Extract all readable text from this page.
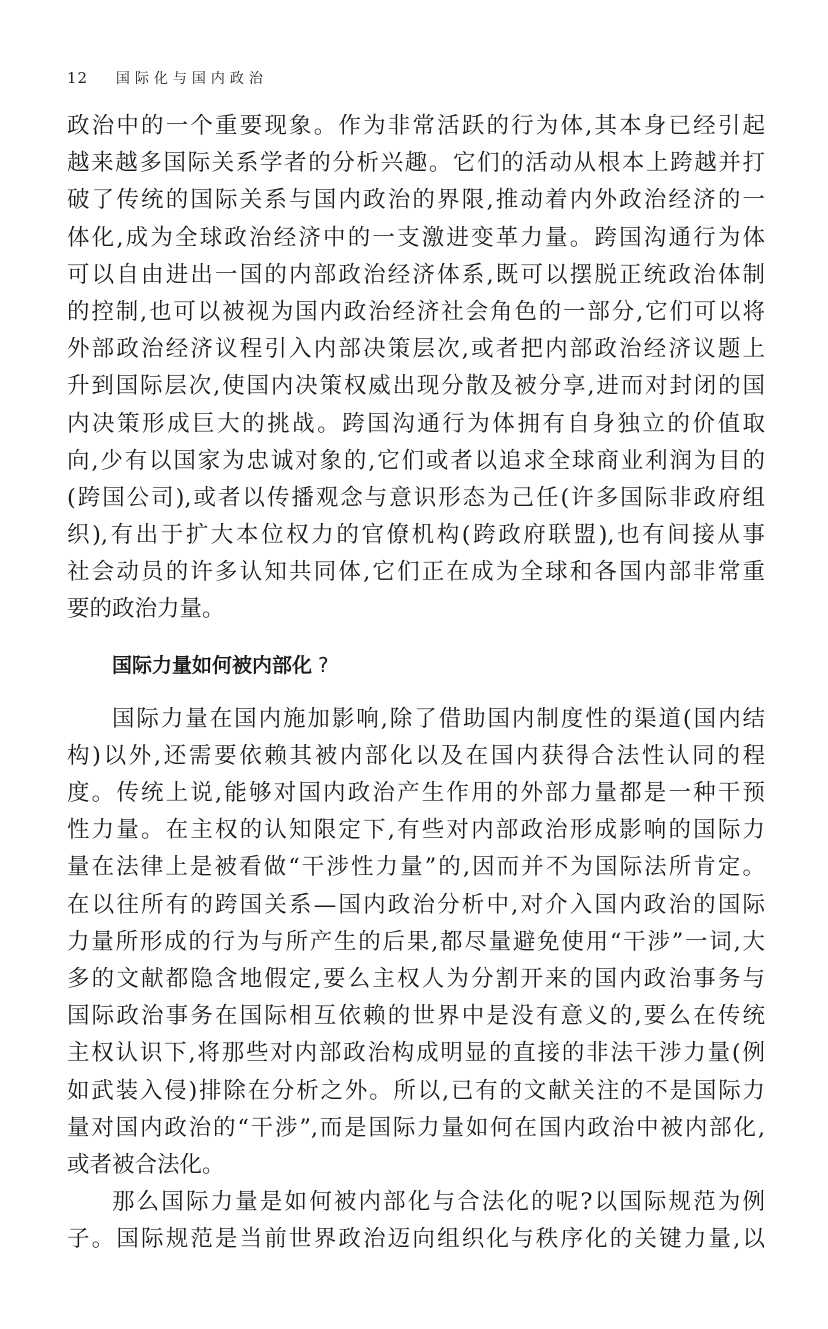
12 国际化与国内政治
政治中的一个重要现象。作为非常活跃的行为体,其本身已经引起
越来越多国际关系学者的分析兴趣。它们的活动从根本上跨越并打
破了传统的国际关系与国内政治的界限,推动着内外政治经济的一
体化,成为全球政治经济中的一支激进变革力量。跨国沟通行为体
可以自由进出一国的内部政治经济体系,既可以摆脱正统政治体制
的控制,也可以被视为国内政治经济社会角色的一部分,它们可以将
外部政治经济议程引入内部决策层次,或者把内部政治经济议题上
升到国际层次,使国内决策权威出现分散及被分享,进而对封闭的国
内决策形成巨大的挑战。跨国沟通行为体拥有自身独立的价值取
向,少有以国家为忠诚对象的,它们或者以追求全球商业利润为目的
(跨国公司),或者以传播观念与意识形态为己任(许多国际非政府组
织),有出于扩大本位权力的官僚机构(跨政府联盟),也有间接从事
社会动员的许多认知共同体,它们正在成为全球和各国内部非常重
要的政治力量。
国际力量如何被内部化 ?
国际力量在国内施加影响,除了借助国内制度性的渠道(国内结
构)以外,还需要依赖其被内部化以及在国内获得合法性认同的程
度。传统上说,能够对国内政治产生作用的外部力量都是一种干预
性力量。在主权的认知限定下,有些对内部政治形成影响的国际力
量在法律上是被看做“干涉性力量”的,因而并不为国际法所肯定。
在以往所有的跨国关系—国内政治分析中,对介入国内政治的国际
力量所形成的行为与所产生的后果,都尽量避免使用“干涉”一词,大
多的文献都隐含地假定,要么主权人为分割开来的国内政治事务与
国际政治事务在国际相互依赖的世界中是没有意义的,要么在传统
主权认识下,将那些对内部政治构成明显的直接的非法干涉力量(例
如武装入侵)排除在分析之外。所以,已有的文献关注的不是国际力
量对国内政治的“干涉”,而是国际力量如何在国内政治中被内部化,
或者被合法化。
那么国际力量是如何被内部化与合法化的呢?以国际规范为例
子。国际规范是当前世界政治迈向组织化与秩序化的关键力量,以
